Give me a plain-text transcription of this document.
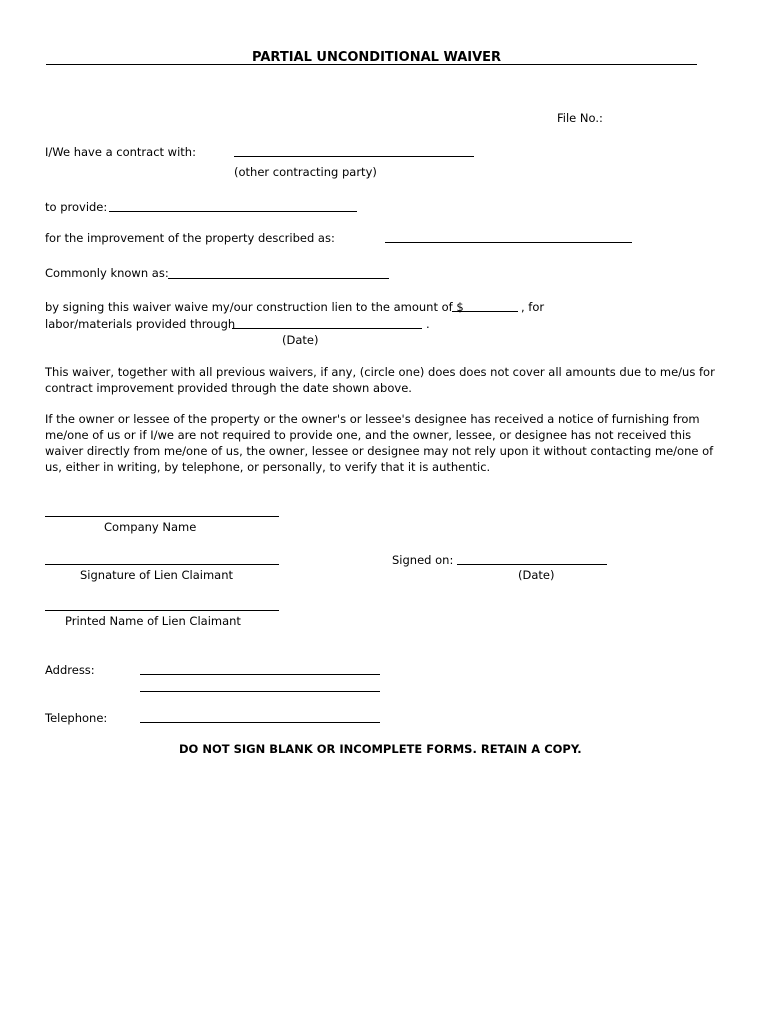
PARTIAL UNCONDITIONAL WAIVER
File No.:
I/We have a contract with:
(other contracting party)
to provide:
for the improvement of the property described as:
Commonly known as:
by signing this waiver waive my/our construction lien to the amount of $	, for
labor/materials provided through	.
(Date)
This waiver, together with all previous waivers, if any, (circle one) does does not cover all amounts due to me/us for contract improvement provided through the date shown above.
If the owner or lessee of the property or the owner's or lessee's designee has received a notice of furnishing from me/one of us or if I/we are not required to provide one, and the owner, lessee, or designee has not received this waiver directly from me/one of us, the owner, lessee or designee may not rely upon it without contacting me/one of us, either in writing, by telephone, or personally, to verify that it is authentic.
Company Name
Signature of Lien Claimant
Signed on:
(Date)
Printed Name of Lien Claimant
Address:
Telephone:
DO NOT SIGN BLANK OR INCOMPLETE FORMS. RETAIN A COPY.
